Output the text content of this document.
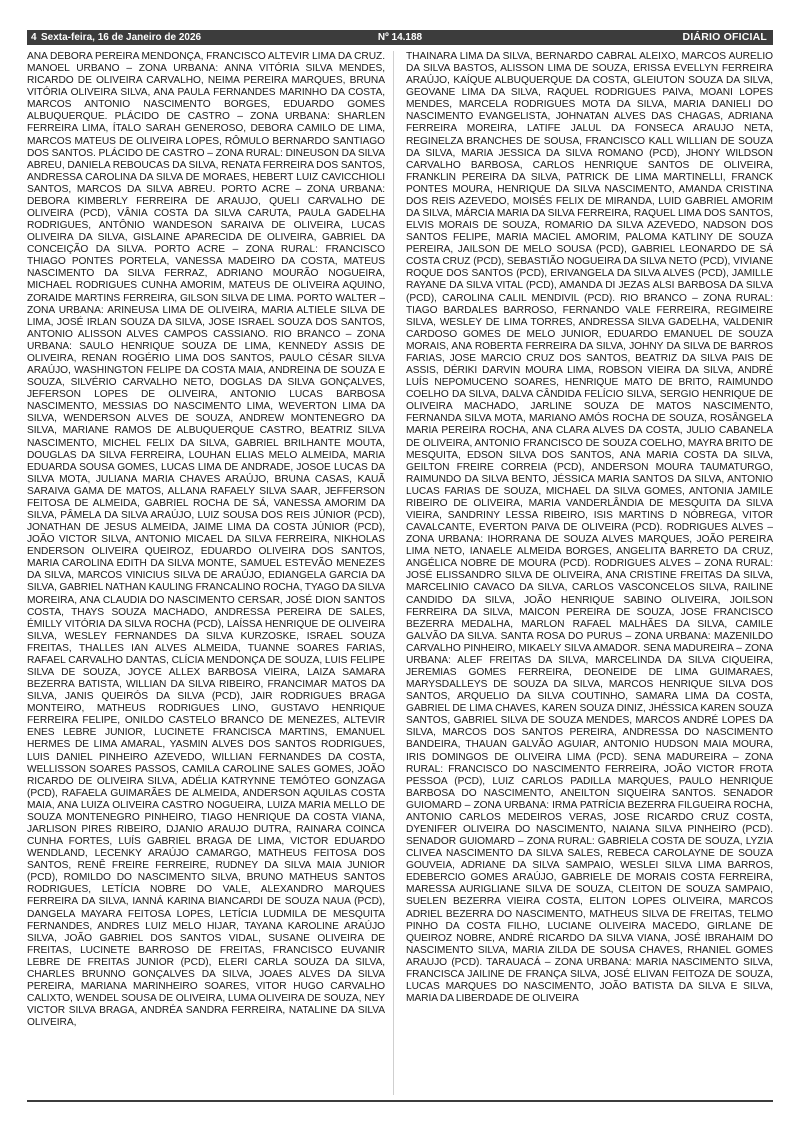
4 Sexta-feira, 16 de Janeiro de 2026	Nº 14.188	DIÁRIO OFICIAL
ANA DÉBORA PEREIRA MENDONÇA, FRANCISCO ALTEVIR LIMA DA CRUZ. MANOEL URBANO – ZONA URBANA: ANNA VITÓRIA SILVA MENDES, RICARDO DE OLIVEIRA CARVALHO, NEIMA PEREIRA MARQUES, BRUNA VITÓRIA OLIVEIRA SILVA, ANA PAULA FERNANDES MARINHO DA COSTA, MARCOS ANTONIO NASCIMENTO BORGES, EDUARDO GOMES ALBUQUERQUE. PLÁCIDO DE CASTRO – ZONA URBANA: SHARLEN FERREIRA LIMA, ÍTALO SARAH GENEROSO, DEBORA CAMILO DE LIMA, MARCOS MATEUS DE OLIVEIRA LOPES, RÔMULO BERNARDO SANTIAGO DOS SANTOS. PLÁCIDO DE CASTRO – ZONA RURAL: DINEUSON DA SILVA ABREU, DANIELA REBOUCAS DA SILVA, RENATA FERREIRA DOS SANTOS, ANDRESSA CAROLINA DA SILVA DE MORAES, HEBERT LUIZ CAVICCHIOLI SANTOS, MARCOS DA SILVA ABREU. PORTO ACRE – ZONA URBANA: DEBORA KIMBERLY FERREIRA DE ARAUJO, QUELI CARVALHO DE OLIVEIRA (PCD), VÂNIA COSTA DA SILVA CARUTA, PAULA GADELHA RODRIGUES, ANTÔNIO WANDESON SARAIVA DE OLIVEIRA, LUCAS OLIVEIRA DA SILVA, GISLAINE APARECIDA DE OLIVEIRA, GABRIEL DA CONCEIÇÃO DA SILVA. PORTO ACRE – ZONA RURAL: FRANCISCO THIAGO PONTES PORTELA, VANESSA MADEIRO DA COSTA, MATEUS NASCIMENTO DA SILVA FERRAZ, ADRIANO MOURÃO NOGUEIRA, MICHAEL RODRIGUES CUNHA AMORIM, MATEUS DE OLIVEIRA AQUINO, ZORAIDE MARTINS FERREIRA, GILSON SILVA DE LIMA. PORTO WALTER – ZONA URBANA: ARINEUSA LIMA DE OLIVEIRA, MARIA ALTIELE SILVA DE LIMA, JOSÉ IRLAN SOUZA DA SILVA, JOSE ISRAEL SOUZA DOS SANTOS, ANTONIO ALISSON ALVES CAMPOS CASSIANO. RIO BRANCO – ZONA URBANA: SAULO HENRIQUE SOUZA DE LIMA, KENNEDY ASSIS DE OLIVEIRA, RENAN ROGÉRIO LIMA DOS SANTOS, PAULO CÉSAR SILVA ARAÚJO, WASHINGTON FELIPE DA COSTA MAIA, ANDREINA DE SOUZA E SOUZA, SILVÉRIO CARVALHO NETO, DOGLAS DA SILVA GONÇALVES, JEFERSON LOPES DE OLIVEIRA, ANTONIO LUCAS BARBOSA NASCIMENTO, MESSIAS DO NASCIMENTO LIMA, WEVERTON LIMA DA SILVA, WENDERSON ALVES DE SOUZA, ANDREW MONTENEGRO DA SILVA, MARIANE RAMOS DE ALBUQUERQUE CASTRO, BEATRIZ SILVA NASCIMENTO, MICHEL FELIX DA SILVA, GABRIEL BRILHANTE MOUTA, DOUGLAS DA SILVA FERREIRA, LOUHAN ELIAS MELO ALMEIDA, MARIA EDUARDA SOUSA GOMES, LUCAS LIMA DE ANDRADE, JOSOE LUCAS DA SILVA MOTA, JULIANA MARIA CHAVES ARAÚJO, BRUNA CASAS, KAUÃ SARAIVA GAMA DE MATOS, ALLANA RAFAELY SILVA SAAR, JEFFERSON FEITOSA DE ALMEIDA, GABRIEL ROCHA DE SÁ, VANESSA AMORIM DA SILVA, PÂMELA DA SILVA ARAÚJO, LUIZ SOUSA DOS REIS JÚNIOR (PCD), JONATHAN DE JESUS ALMEIDA, JAIME LIMA DA COSTA JÚNIOR (PCD), JOÃO VICTOR SILVA, ANTONIO MICAEL DA SILVA FERREIRA, NIKHOLAS ENDERSON OLIVEIRA QUEIROZ, EDUARDO OLIVEIRA DOS SANTOS, MARIA CAROLINA EDITH DA SILVA MONTE, SAMUEL ESTEVÃO MENEZES DA SILVA, MARCOS VINICIUS SILVA DE ARAÚJO, EDIANGELA GARCIA DA SILVA, GABRIEL NATHAN KAULING FRANCALINO ROCHA, TYAGO DA SILVA MOREIRA, ANA CLAUDIA DO NASCIMENTO CERSAR, JOSÉ DION SANTOS COSTA, THAYS SOUZA MACHADO, ANDRESSA PEREIRA DE SALES, ÉMILLY VITÓRIA DA SILVA ROCHA (PCD), LAÍSSA HENRIQUE DE OLIVEIRA SILVA, WESLEY FERNANDES DA SILVA KURZOSKE, ISRAEL SOUZA FREITAS, THALLES IAN ALVES ALMEIDA, TUANNE SOARES FARIAS, RAFAEL CARVALHO DANTAS, CLÍCIA MENDONÇA DE SOUZA, LUIS FELIPE SILVA DE SOUZA, JOYCE ALLEX BARBOSA VIEIRA, LAIZA SAMARA BEZERRA BATISTA, WILLIAN DA SILVA RIBEIRO, FRANCIMAR MATOS DA SILVA, JANIS QUEIRÓS DA SILVA (PCD), JAIR RODRIGUES BRAGA MONTEIRO, MATHEUS RODRIGUES LINO, GUSTAVO HENRIQUE FERREIRA FELIPE, ONILDO CASTELO BRANCO DE MENEZES, ALTEVIR ENES LEBRE JUNIOR, LUCINETE FRANCISCA MARTINS, EMANUEL HERMES DE LIMA AMARAL, YASMIN ALVES DOS SANTOS RODRIGUES, LUIS DANIEL PINHEIRO AZEVEDO, WILLIAN FERNANDES DA COSTA, WELLISSON SOARES PASSOS, CAMILA CAROLINE SALES GOMES, JOÃO RICARDO DE OLIVEIRA SILVA, ADÉLIA KATRYNNE TEMÓTEO GONZAGA (PCD), RAFAELA GUIMARÃES DE ALMEIDA, ANDERSON AQUILAS COSTA MAIA, ANA LUIZA OLIVEIRA CASTRO NOGUEIRA, LUIZA MARIA MELLO DE SOUZA MONTENEGRO PINHEIRO, TIAGO HENRIQUE DA COSTA VIANA, JARLISON PIRES RIBEIRO, DJANIO ARAUJO DUTRA, RAINARA COINCA CUNHA FORTES, LUÍS GABRIEL BRAGA DE LIMA, VICTOR EDUARDO WENDLAND, LECENKY ARAÚJO CAMARGO, MATHEUS FEITOSA DOS SANTOS, RENÊ FREIRE FERREIRE, RUDNEY DA SILVA MAIA JUNIOR (PCD), ROMILDO DO NASCIMENTO SILVA, BRUNO MATHEUS SANTOS RODRIGUES, LETÍCIA NOBRE DO VALE, ALEXANDRO MARQUES FERREIRA DA SILVA, IANNÁ KARINA BIANCARDI DE SOUZA NAUA (PCD), DANGELA MAYARA FEITOSA LOPES, LETÍCIA LUDMILA DE MESQUITA FERNANDES, ANDRES LUIZ MELO HIJAR, TAYANA KAROLINE ARAÚJO SILVA, JOÃO GABRIEL DOS SANTOS VIDAL, SUSANE OLIVEIRA DE FREITAS, LUCINETE BARROSO DE FREITAS, FRANCISCO EUVANIR LEBRE DE FREITAS JUNIOR (PCD), ELERI CARLA SOUZA DA SILVA, CHARLES BRUNNO GONÇALVES DA SILVA, JOAES ALVES DA SILVA PEREIRA, MARIANA MARINHEIRO SOARES, VITOR HUGO CARVALHO CALIXTO, WENDEL SOUSA DE OLIVEIRA, LUMA OLIVEIRA DE SOUZA, NEY VICTOR SILVA BRAGA, ANDRÉA SANDRA FERREIRA, NATALINE DA SILVA OLIVEIRA,
THAINARA LIMA DA SILVA, BERNARDO CABRAL ALEIXO, MARCOS AURELIO DA SILVA BASTOS, ALISSON LIMA DE SOUZA, ERISSA EVELLYN FERREIRA ARAÚJO, KAÍQUE ALBUQUERQUE DA COSTA, GLEIUTON SOUZA DA SILVA, GEOVANE LIMA DA SILVA, RAQUEL RODRIGUES PAIVA, MOANI LOPES MENDES, MARCELA RODRIGUES MOTA DA SILVA, MARIA DANIELI DO NASCIMENTO EVANGELISTA, JOHNATAN ALVES DAS CHAGAS, ADRIANA FERREIRA MOREIRA, LATIFE JALUL DA FONSECA ARAUJO NETA, REGINELZA BRANCHES DE SOUSA, FRANCISCO KALL WILLIAN DE SOUZA DA SILVA, MARIA JESSICA DA SILVA ROMANO (PCD), JHONY WILDSON CARVALHO BARBOSA, CARLOS HENRIQUE SANTOS DE OLIVEIRA, FRANKLIN PEREIRA DA SILVA, PATRICK DE LIMA MARTINELLI, FRANCK PONTES MOURA, HENRIQUE DA SILVA NASCIMENTO, AMANDA CRISTINA DOS REIS AZEVEDO, MOISÉS FELIX DE MIRANDA, LUID GABRIEL AMORIM DA SILVA, MÁRCIA MARIA DA SILVA FERREIRA, RAQUEL LIMA DOS SANTOS, ELVIS MORAIS DE SOUZA, ROMARIO DA SILVA AZEVEDO, NADSON DOS SANTOS FELIPE, MARIA MACIEL AMORIM, PALOMA KATLINY DE SOUZA PEREIRA, JAILSON DE MELO SOUSA (PCD), GABRIEL LEONARDO DE SÁ COSTA CRUZ (PCD), SEBASTIÃO NOGUEIRA DA SILVA NETO (PCD), VIVIANE ROQUE DOS SANTOS (PCD), ERIVANGELA DA SILVA ALVES (PCD), JAMILLE RAYANE DA SILVA VITAL (PCD), AMANDA DI JEZAS ALSI BARBOSA DA SILVA (PCD), CAROLINA CALIL MENDIVIL (PCD). RIO BRANCO – ZONA RURAL: TIAGO BARDALES BARROSO, FERNANDO VALE FERREIRA, REGIMEIRE SILVA, WESLEY DE LIMA TORRES, ANDRESSA SILVA GADELHA, VALDENIR CARDOSO GOMES DE MELO JUNIOR, EDUARDO EMANUEL DE SOUZA MORAIS, ANA ROBERTA FERREIRA DA SILVA, JOHNY DA SILVA DE BARROS FARIAS, JOSE MARCIO CRUZ DOS SANTOS, BEATRIZ DA SILVA PAIS DE ASSIS, DÉRIKI DARVIN MOURA LIMA, ROBSON VIEIRA DA SILVA, ANDRÉ LUÍS NEPOMUCENO SOARES, HENRIQUE MATO DE BRITO, RAIMUNDO COELHO DA SILVA, DALVA CÂNDIDA FELÍCIO SILVA, SERGIO HENRIQUE DE OLIVEIRA MACHADO, JARLINE SOUZA DE MATOS NASCIMENTO, FERNANDA SILVA MOTA, MARIANO AMÓS ROCHA DE SOUZA, ROSÂNGELA MARIA PEREIRA ROCHA, ANA CLARA ALVES DA COSTA, JULIO CABANELA DE OLIVEIRA, ANTONIO FRANCISCO DE SOUZA COELHO, MAYRA BRITO DE MESQUITA, EDSON SILVA DOS SANTOS, ANA MARIA COSTA DA SILVA, GEILTON FREIRE CORREIA (PCD), ANDERSON MOURA TAUMATURGO, RAIMUNDO DA SILVA BENTO, JÉSSICA MARIA SANTOS DA SILVA, ANTONIO LUCAS FARIAS DE SOUZA, MICHAEL DA SILVA GOMES, ANTONIA JAMILE RIBEIRO DE OLIVEIRA, MARIA VANDERLÂNDIA DE MESQUITA DA SILVA VIEIRA, SANDRINY LESSA RIBEIRO, ISIS MARTINS D NÓBREGA, VITOR CAVALCANTE, EVERTON PAIVA DE OLIVEIRA (PCD). RODRIGUES ALVES – ZONA URBANA: IHORRANA DE SOUZA ALVES MARQUES, JOÃO PEREIRA LIMA NETO, IANAELE ALMEIDA BORGES, ANGELITA BARRETO DA CRUZ, ANGÉLICA NOBRE DE MOURA (PCD). RODRIGUES ALVES – ZONA RURAL: JOSÉ ELISSANDRO SILVA DE OLIVEIRA, ANA CRISTINE FREITAS DA SILVA, MARCELINIO CAVACO DA SILVA, CARLOS VASCONCELOS SILVA, RAILINE CANDIDO DA SILVA, JOÃO HENRIQUE SABINO OLIVEIRA, JOILSON FERREIRA DA SILVA, MAICON PEREIRA DE SOUZA, JOSE FRANCISCO BEZERRA MEDALHA, MARLON RAFAEL MALHÃES DA SILVA, CAMILE GALVÃO DA SILVA. SANTA ROSA DO PURUS – ZONA URBANA: MAZENILDO CARVALHO PINHEIRO, MIKAELY SILVA AMADOR. SENA MADUREIRA – ZONA URBANA: ALEF FREITAS DA SILVA, MARCELINDA DA SILVA CIQUEIRA, JEREMIAS GOMES FERREIRA, DEONEIDE DE LIMA GUIMARAES, MARYSDALLEYS DE SOUZA DA SILVA, MARCOS HENRIQUE SILVA DOS SANTOS, ARQUELIO DA SILVA COUTINHO, SAMARA LIMA DA COSTA, GABRIEL DE LIMA CHAVES, KAREN SOUZA DINIZ, JHÉSSICA KAREN SOUZA SANTOS, GABRIEL SILVA DE SOUZA MENDES, MARCOS ANDRÉ LOPES DA SILVA, MARCOS DOS SANTOS PEREIRA, ANDRESSA DO NASCIMENTO BANDEIRA, THAUAN GALVÃO AGUIAR, ANTONIO HUDSON MAIA MOURA, IRIS DOMINGOS DE OLIVEIRA LIMA (PCD). SENA MADUREIRA – ZONA RURAL: FRANCISCO DO NASCIMENTO FERREIRA, JOÃO VICTOR FROTA PESSOA (PCD), LUIZ CARLOS PADILLA MARQUES, PAULO HENRIQUE BARBOSA DO NASCIMENTO, ANEILTON SIQUEIRA SANTOS. SENADOR GUIOMARD – ZONA URBANA: IRMA PATRÍCIA BEZERRA FILGUEIRA ROCHA, ANTONIO CARLOS MEDEIROS VERAS, JOSE RICARDO CRUZ COSTA, DYENIFER OLIVEIRA DO NASCIMENTO, NAIANA SILVA PINHEIRO (PCD). SENADOR GUIOMARD – ZONA RURAL: GABRIELA COSTA DE SOUZA, LYZIA CLIVEA NASCIMENTO DA SILVA SALES, REBECA CAROLAYNE DE SOUZA GOUVEIA, ADRIANE DA SILVA SAMPAIO, WESLEI SILVA LIMA BARROS, EDEBERCIO GOMES ARAÚJO, GABRIELE DE MORAIS COSTA FERREIRA, MARESSA AURIGLIANE SILVA DE SOUZA, CLEITON DE SOUZA SAMPAIO, SUELEN BEZERRA VIEIRA COSTA, ELITON LOPES OLIVEIRA, MARCOS ADRIEL BEZERRA DO NASCIMENTO, MATHEUS SILVA DE FREITAS, TELMO PINHO DA COSTA FILHO, LUCIANE OLIVEIRA MACEDO, GIRLANE DE QUEIROZ NOBRE, ANDRÉ RICARDO DA SILVA VIANA, JOSÉ IBRAHAIM DO NASCIMENTO SILVA, MARIA ZILDA DE SOUSA CHAVES, RHANIEL GOMES ARAUJO (PCD). TARAUACÁ – ZONA URBANA: MARIA NASCIMENTO SILVA, FRANCISCA JAILINE DE FRANÇA SILVA, JOSÉ ELIVAN FEITOZA DE SOUZA, LUCAS MARQUES DO NASCIMENTO, JOÃO BATISTA DA SILVA E SILVA, MARIA DA LIBERDADE DE OLIVEIRA
